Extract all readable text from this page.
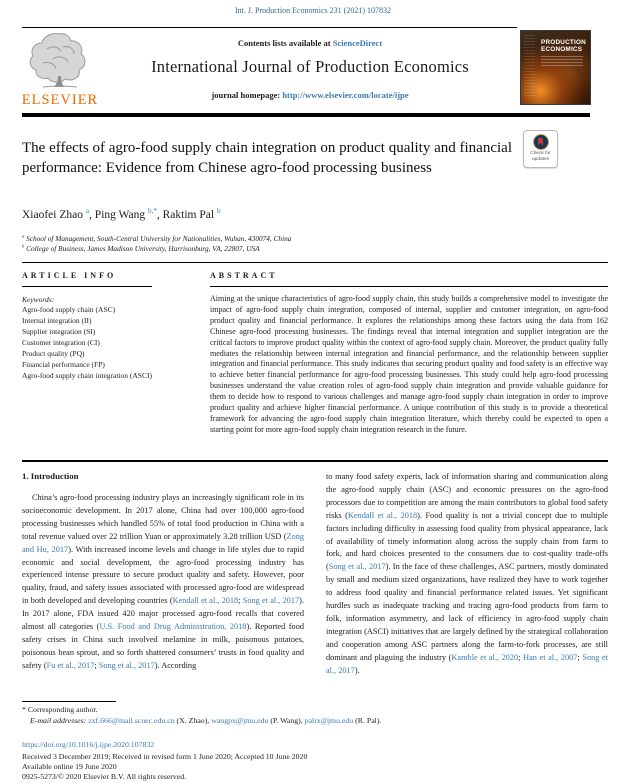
Int. J. Production Economics 231 (2021) 107832
ELSEVIER
Contents lists available at ScienceDirect
International Journal of Production Economics
journal homepage: http://www.elsevier.com/locate/ijpe
PRODUCTION
ECONOMICS
The effects of agro-food supply chain integration on product quality and financial performance: Evidence from Chinese agro-food processing business
Check for updates
Xiaofei Zhao $^a$, Ping Wang $^{b,*}$, Raktim Pal $^b$
$^a$ School of Management, South-Central University for Nationalities, Wuhan, 430074, China
$^b$ College of Business, James Madison University, Harrisonburg, VA, 22807, USA
ARTICLE INFO
Keywords:
Agro-food supply chain (ASC)
Internal integration (II)
Supplier integration (SI)
Customer integration (CI)
Product quality (PQ)
Financial performance (FP)
Agro-food supply chain integration (ASCI)
ABSTRACT
Aiming at the unique characteristics of agro-food supply chain, this study builds a comprehensive model to investigate the impact of agro-food supply chain integration, composed of internal, supplier and customer integration, on agro-food product quality and financial performance. It explores the relationships among these factors using the data from 162 Chinese agro-food processing businesses. The findings reveal that internal integration and supplier integration are the critical factors to improve product quality within the context of agro-food supply chain. Moreover, the product quality fully mediates the relationship between internal integration and financial performance, and the relationship between supplier integration and financial performance. This study indicates that securing product quality and food safety is an effective way to achieve better financial performance for agro-food processing businesses. This study could help agro-food processing businesses understand the value creation roles of agro-food supply chain integration and provide valuable guidance for them to decide how to respond to various challenges and manage agro-food supply chain integration in order to improve product quality and achieve higher financial performance. A unique contribution of this study is to provide a theoretical framework for advancing the agro-food supply chain integration literature, which thereby could be expected to open a starting point for more agro-food supply chain integration research in the future.
1. Introduction
China’s agro-food processing industry plays an increasingly significant role in its socioeconomic development. In 2017 alone, China had over 100,000 agro-food processing businesses which handled 55% of total food production in China with a total revenue valued over 22 trillion Yuan or approximately 3.28 trillion USD (Zong and Hu, 2017). With increased income levels and change in life styles due to rapid economic and social development, the agro-food processing industry has experienced intense pressure to secure product quality and safety. However, poor quality, fraud, and safety issues associated with processed agro-food are widespread in both developed and developing countries (Kendall et al., 2018; Song et al., 2017). In 2017 alone, FDA issued 420 major processed agro-food recalls that covered almost all categories (U.S. Food and Drug Administration, 2018). Reported food safety crises in China such involved melamine in milk, poisonous potatoes, poisonous bean sprout, and so forth shattered consumers’ trusts in food quality and safety (Fu et al., 2017; Song et al., 2017). According
to many food safety experts, lack of information sharing and communication along the agro-food supply chain (ASC) and economic pressures on the agro-food processors due to competition are among the main contributors to global food safety risks (Kendall et al., 2018). Food quality is not a trivial concept due to multiple factors including difficulty in assessing food quality from physical appearance, lack of availability of timely information along across the supply chain from farm to fork, and hard choices presented to the consumers due to cost-quality trade-offs (Song et al., 2017). In the face of these challenges, ASC partners, mostly dominated by small and medium sized organizations, have realized they have to work together to address food quality and financial performance related issues. Yet significant hurdles such as inadequate tracking and tracing agro-food products from farm to folk, information asymmetry, and lack of efficiency in agro-food supply chain integration (ASCI) initiatives that are largely defined by the strategical collaboration and cooperation among ASC partners along the farm-to-fork processes, are still dominant and plaguing the industry (Kamble et al., 2020; Han et al., 2007; Song et al., 2017).
* Corresponding author.
E-mail addresses: zxf.666@mail.scuec.edu.cn (X. Zhao), wangpx@jmu.edu (P. Wang), palrx@jmu.edu (R. Pal).
https://doi.org/10.1016/j.ijpe.2020.107832
Received 3 December 2019; Received in revised form 1 June 2020; Accepted 10 June 2020
Available online 19 June 2020
0925-5273/© 2020 Elsevier B.V. All rights reserved.
